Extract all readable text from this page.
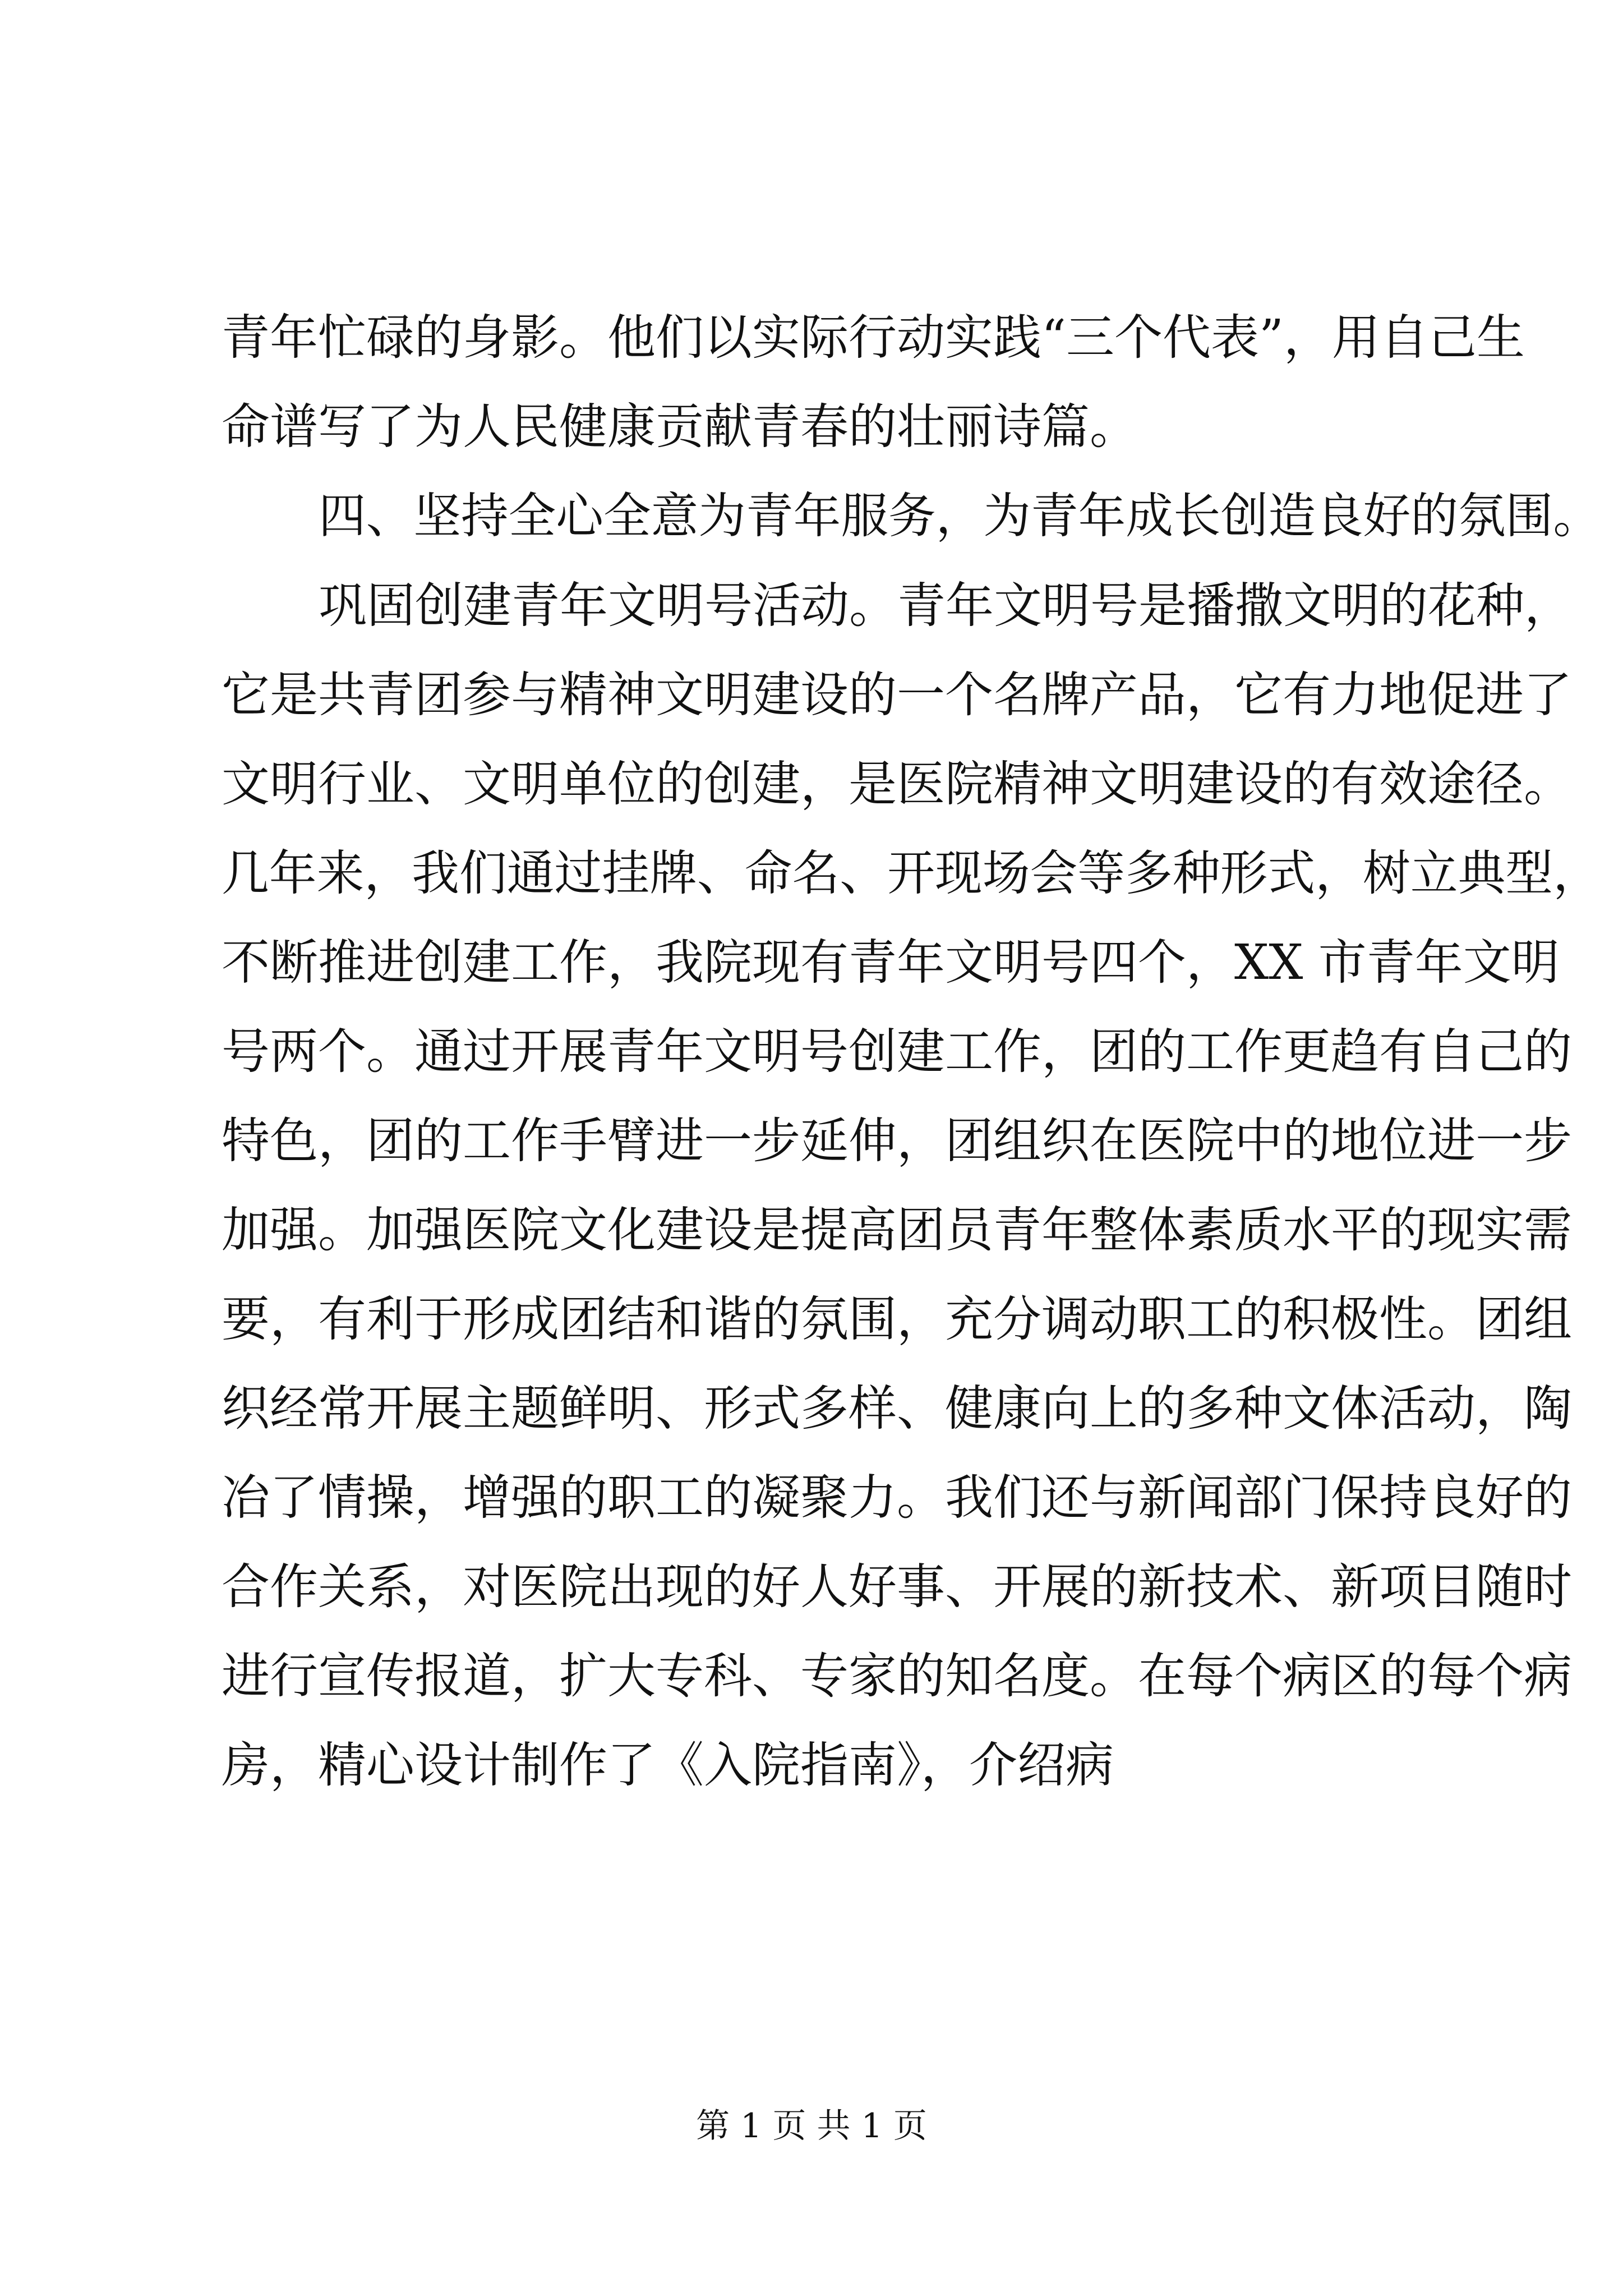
青年忙碌的身影。他们以实际行动实践“三个代表”，用自己生
命谱写了为人民健康贡献青春的壮丽诗篇。
四、坚持全心全意为青年服务，为青年成长创造良好的氛围。
巩固创建青年文明号活动。青年文明号是播撒文明的花种，
它是共青团参与精神文明建设的一个名牌产品，它有力地促进了
文明行业、文明单位的创建，是医院精神文明建设的有效途径。
几年来，我们通过挂牌、命名、开现场会等多种形式，树立典型，
不断推进创建工作，我院现有青年文明号四个，XX 市青年文明
号两个。通过开展青年文明号创建工作，团的工作更趋有自己的
特色，团的工作手臂进一步延伸，团组织在医院中的地位进一步
加强。加强医院文化建设是提高团员青年整体素质水平的现实需
要，有利于形成团结和谐的氛围，充分调动职工的积极性。团组
织经常开展主题鲜明、形式多样、健康向上的多种文体活动，陶
冶了情操，增强的职工的凝聚力。我们还与新闻部门保持良好的
合作关系，对医院出现的好人好事、开展的新技术、新项目随时
进行宣传报道，扩大专科、专家的知名度。在每个病区的每个病
房，精心设计制作了《入院指南》，介绍病
第 1 页 共 1 页
